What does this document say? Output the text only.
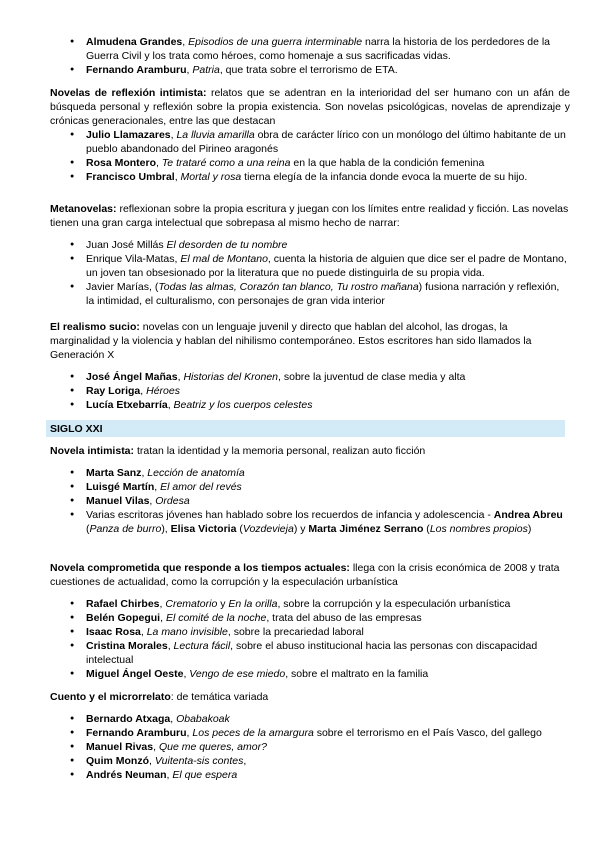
● Almudena Grandes, Episodios de una guerra interminable narra la historia de los perdedores de la Guerra Civil y los trata como héroes, como homenaje a sus sacrificadas vidas.
● Fernando Aramburu, Patria, que trata sobre el terrorismo de ETA.

Novelas de reflexión intimista: relatos que se adentran en la interioridad del ser humano con un afán de búsqueda personal y reflexión sobre la propia existencia. Son novelas psicológicas, novelas de aprendizaje y crónicas generacionales, entre las que destacan

● Julio Llamazares, La lluvia amarilla obra de carácter lírico con un monólogo del último habitante de un pueblo abandonado del Pirineo aragonés
● Rosa Montero, Te trataré como a una reina en la que habla de la condición femenina
● Francisco Umbral, Mortal y rosa tierna elegía de la infancia donde evoca la muerte de su hijo.

Metanovelas: reflexionan sobre la propia escritura y juegan con los límites entre realidad y ficción. Las novelas tienen una gran carga intelectual que sobrepasa al mismo hecho de narrar:

● Juan José Millás El desorden de tu nombre
● Enrique Vila-Matas, El mal de Montano, cuenta la historia de alguien que dice ser el padre de Montano, un joven tan obsesionado por la literatura que no puede distinguirla de su propia vida.
● Javier Marías, (Todas las almas, Corazón tan blanco, Tu rostro mañana) fusiona narración y reflexión, la intimidad, el culturalismo, con personajes de gran vida interior

El realismo sucio: novelas con un lenguaje juvenil y directo que hablan del alcohol, las drogas, la marginalidad y la violencia y hablan del nihilismo contemporáneo. Estos escritores han sido llamados la Generación X

● José Ángel Mañas, Historias del Kronen, sobre la juventud de clase media y alta
● Ray Loriga, Héroes
● Lucía Etxebarría, Beatriz y los cuerpos celestes
SIGLO XXI

Novela intimista: tratan la identidad y la memoria personal, realizan auto ficción

● Marta Sanz, Lección de anatomía
● Luisgé Martín, El amor del revés
● Manuel Vilas, Ordesa
● Varias escritoras jóvenes han hablado sobre los recuerdos de infancia y adolescencia - Andrea Abreu (Panza de burro), Elisa Victoria (Vozdevieja) y Marta Jiménez Serrano (Los nombres propios)

Novela comprometida que responde a los tiempos actuales: llega con la crisis económica de 2008 y trata cuestiones de actualidad, como la corrupción y la especulación urbanística

● Rafael Chirbes, Crematorio y En la orilla, sobre la corrupción y la especulación urbanística
● Belén Gopegui, El comité de la noche, trata del abuso de las empresas
● Isaac Rosa, La mano invisible, sobre la precariedad laboral
● Cristina Morales, Lectura fácil, sobre el abuso institucional hacia las personas con discapacidad intelectual
● Miguel Ángel Oeste, Vengo de ese miedo, sobre el maltrato en la familia

Cuento y el microrrelato: de temática variada

● Bernardo Atxaga, Obabakoak
● Fernando Aramburu, Los peces de la amargura sobre el terrorismo en el País Vasco, del gallego
● Manuel Rivas, Que me queres, amor?
● Quim Monzó, Vuitenta-sis contes,
● Andrés Neuman, El que espera
